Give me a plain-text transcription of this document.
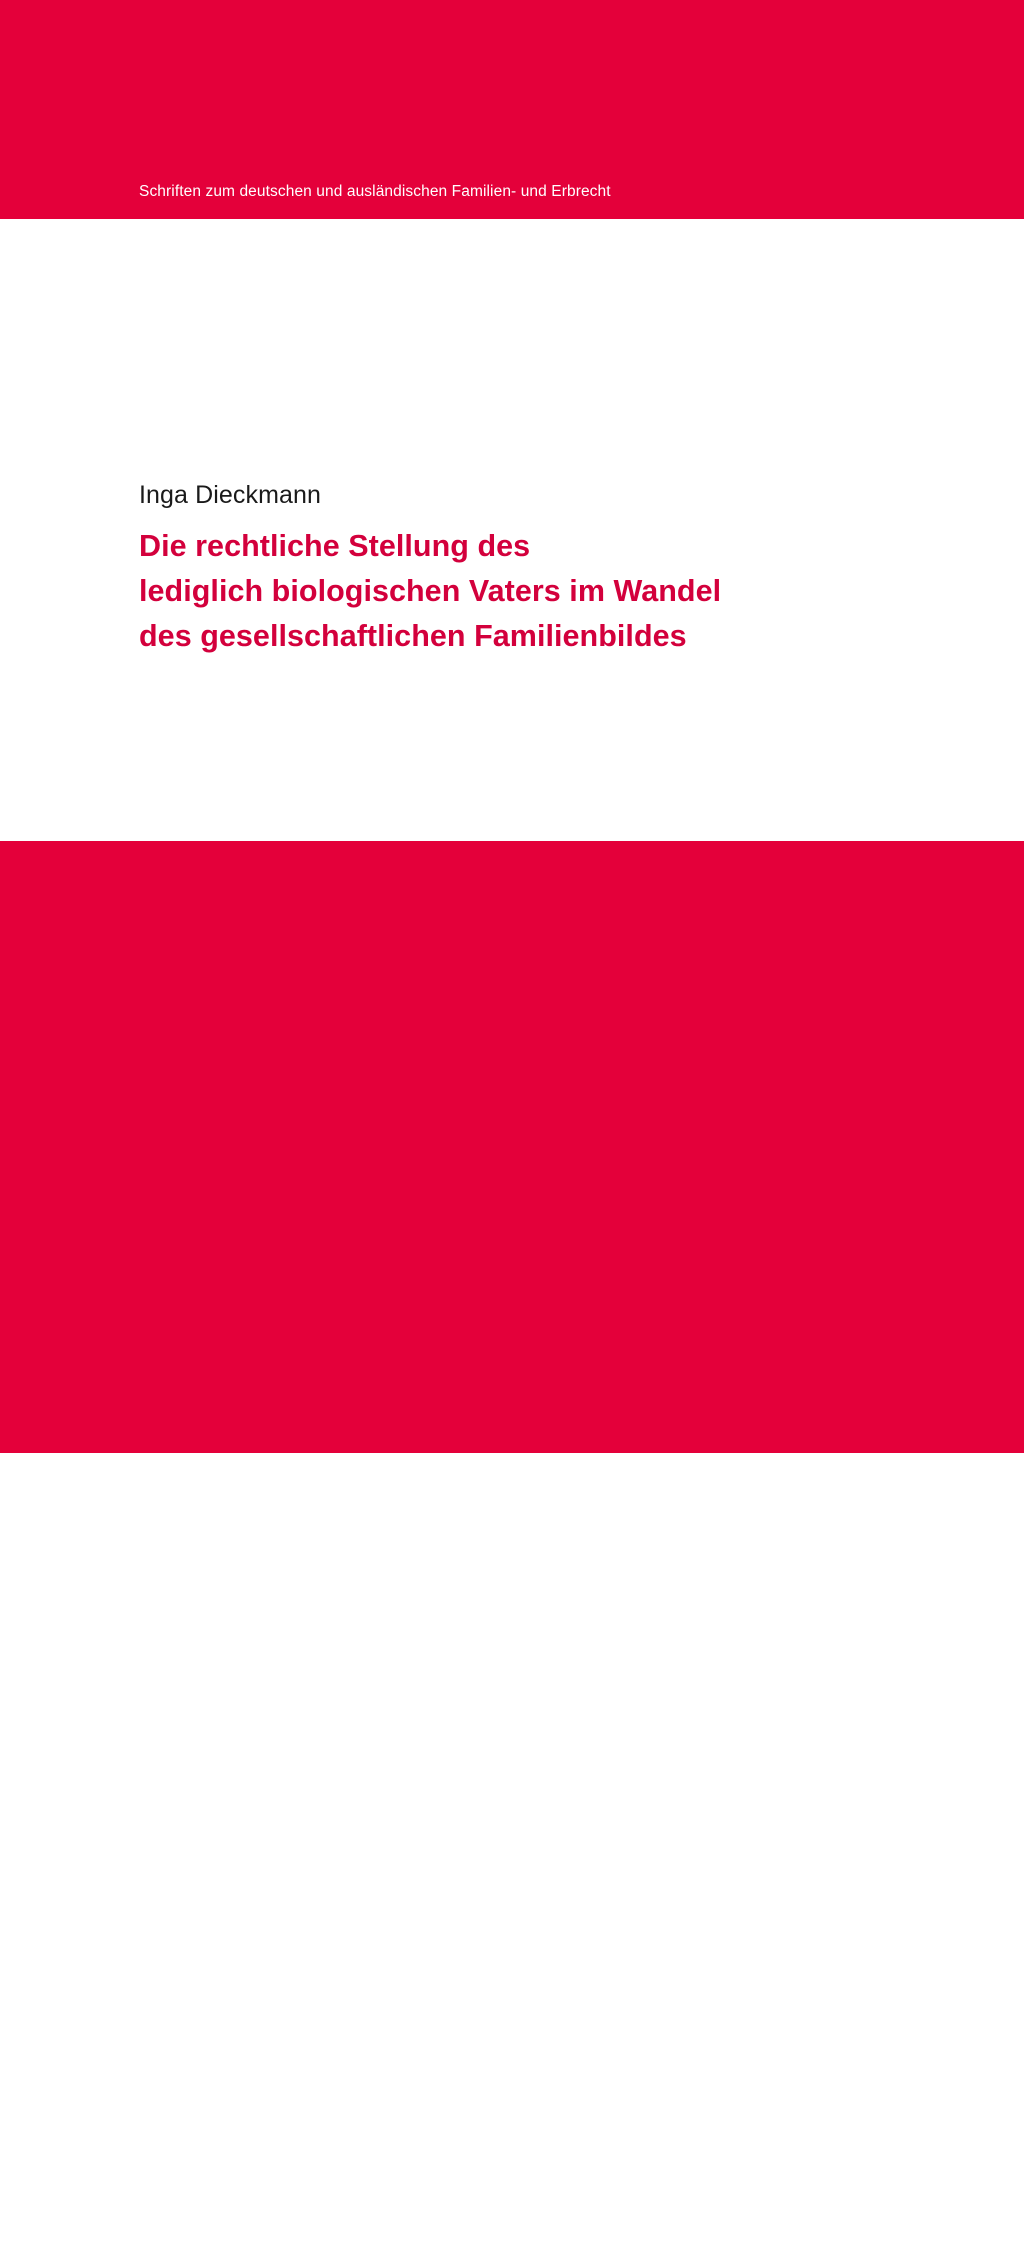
Schriften zum deutschen und ausländischen Familien- und Erbrecht
Inga Dieckmann
Die rechtliche Stellung des
lediglich biologischen Vaters im Wandel
des gesellschaftlichen Familienbildes
Band 10
Wolfgang Metzner Verlag
